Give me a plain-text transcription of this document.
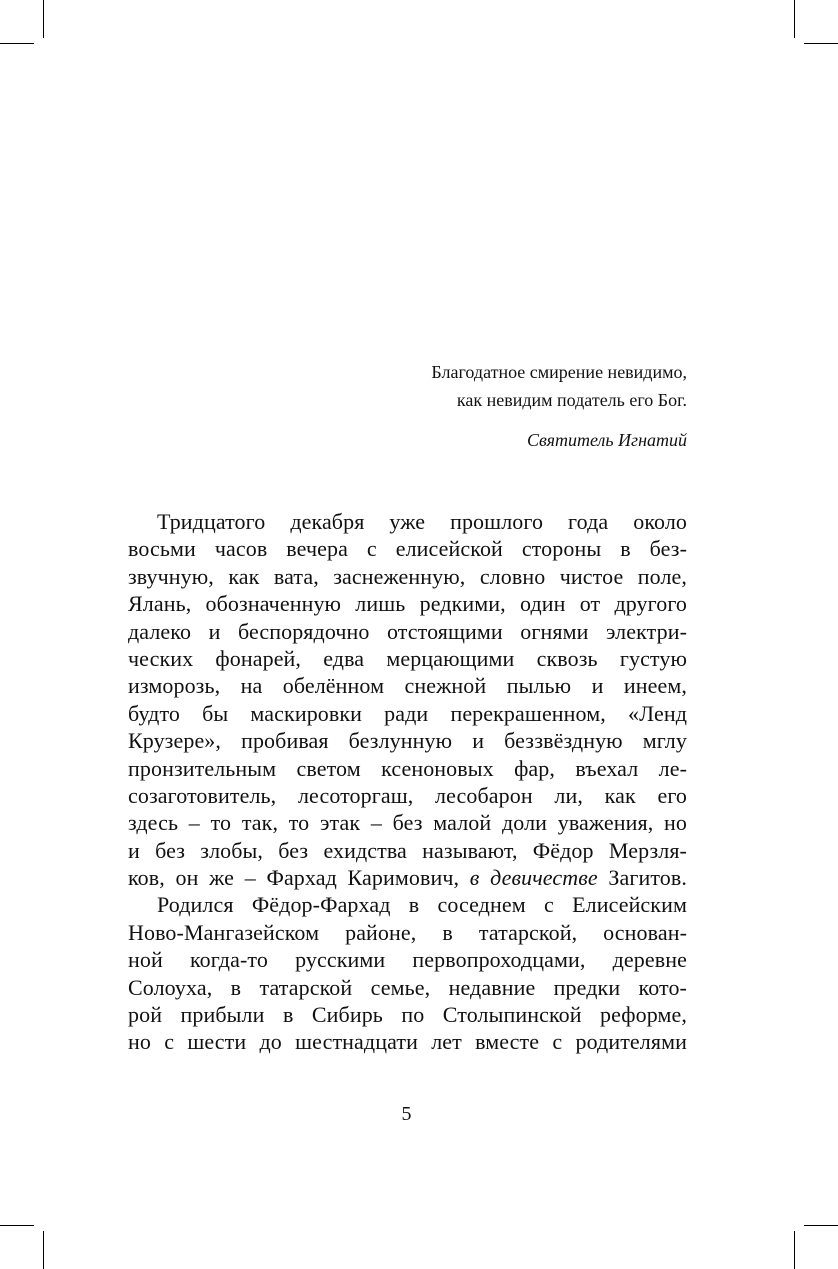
Благодатное смирение невидимо,
как невидим податель его Бог.
Святитель Игнатий
Тридцатого декабря уже прошлого года около
восьми часов вечера с елисейской стороны в без-
звучную, как вата, заснеженную, словно чистое поле,
Ялань, обозначенную лишь редкими, один от другого
далеко и беспорядочно отстоящими огнями электри-
ческих фонарей, едва мерцающими сквозь густую
изморозь, на обелённом снежной пылью и инеем,
будто бы маскировки ради перекрашенном, «Ленд
Крузере», пробивая безлунную и беззвёздную мглу
пронзительным светом ксеноновых фар, въехал ле-
созаготовитель, лесоторгаш, лесобарон ли, как его
здесь – то так, то этак – без малой доли уважения, но
и без злобы, без ехидства называют, Фёдор Мерзля-
ков, он же – Фархад Каримович, в девичестве Загитов.
Родился Фёдор-Фархад в соседнем с Елисейским
Ново-Мангазейском районе, в татарской, основан-
ной когда-то русскими первопроходцами, деревне
Солоуха, в татарской семье, недавние предки кото-
рой прибыли в Сибирь по Столыпинской реформе,
но с шести до шестнадцати лет вместе с родителями
5
